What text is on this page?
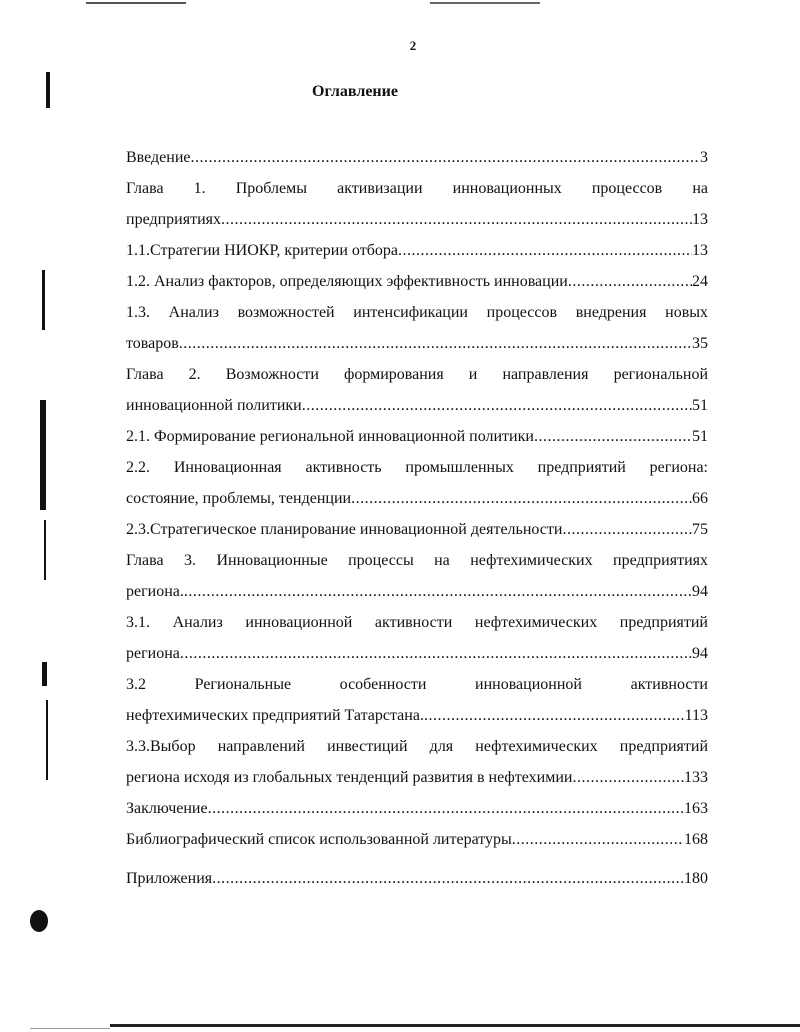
2
Оглавление
Введение .....	3
Глава 1. Проблемы активизации инновационных процессов на
предприятиях .....	13
1.1.Стратегии НИОКР, критерии отбора .....	13
1.2. Анализ факторов, определяющих эффективность инновации .....	24
1.3. Анализ возможностей интенсификации процессов внедрения новых
товаров .....	35
Глава 2. Возможности формирования и направления региональной
инновационной политики .....	51
2.1. Формирование региональной инновационной политики .....	51
2.2. Инновационная активность промышленных предприятий региона:
состояние, проблемы, тенденции .....	66
2.3.Стратегическое планирование инновационной деятельности .....	75
Глава 3. Инновационные процессы на нефтехимических предприятиях
региона. .....	94
3.1. Анализ инновационной активности нефтехимических предприятий
региона .....	94
3.2 Региональные особенности инновационной активности
нефтехимических предприятий Татарстана. .....	113
3.3.Выбор направлений инвестиций для нефтехимических предприятий
региона исходя из глобальных тенденций развития в нефтехимии .....	133
Заключение .....	163
Библиографический список использованной литературы .....	168
Приложения .....	180
